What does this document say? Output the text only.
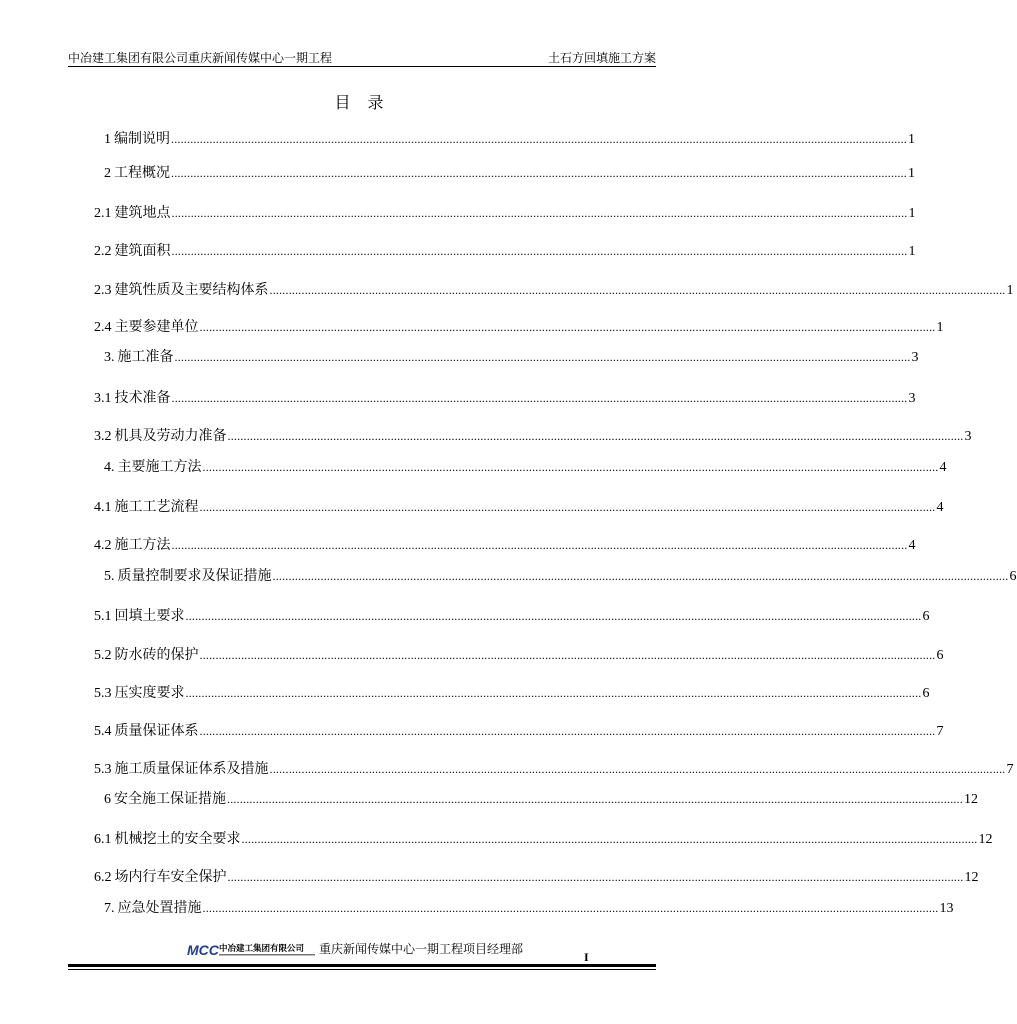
中冶建工集团有限公司重庆新闻传媒中心一期工程	土石方回填施工方案
目 录
1 编制说明 ...................................................................................................................................................................................................................................... 1
2 工程概况 ...................................................................................................................................................................................................................................... 1
2.1 建筑地点 ...................................................................................................................................................................................................................................... 1
2.2 建筑面积 ...................................................................................................................................................................................................................................... 1
2.3 建筑性质及主要结构体系 ...................................................................................................................................................................................................................................... 1
2.4 主要参建单位 ...................................................................................................................................................................................................................................... 1
3. 施工准备 ...................................................................................................................................................................................................................................... 3
3.1 技术准备 ...................................................................................................................................................................................................................................... 3
3.2 机具及劳动力准备 ...................................................................................................................................................................................................................................... 3
4. 主要施工方法 ...................................................................................................................................................................................................................................... 4
4.1 施工工艺流程 ...................................................................................................................................................................................................................................... 4
4.2 施工方法 ...................................................................................................................................................................................................................................... 4
5. 质量控制要求及保证措施 ...................................................................................................................................................................................................................................... 6
5.1 回填土要求 ...................................................................................................................................................................................................................................... 6
5.2 防水砖的保护 ...................................................................................................................................................................................................................................... 6
5.3 压实度要求 ...................................................................................................................................................................................................................................... 6
5.4 质量保证体系 ...................................................................................................................................................................................................................................... 7
5.3 施工质量保证体系及措施 ...................................................................................................................................................................................................................................... 7
6 安全施工保证措施 ...................................................................................................................................................................................................................................... 12
6.1 机械挖土的安全要求 ...................................................................................................................................................................................................................................... 12
6.2 场内行车安全保护 ...................................................................................................................................................................................................................................... 12
7. 应急处置措施 ...................................................................................................................................................................................................................................... 13
MCC 中冶建工集团有限公司 重庆新闻传媒中心一期工程项目经理部
I
